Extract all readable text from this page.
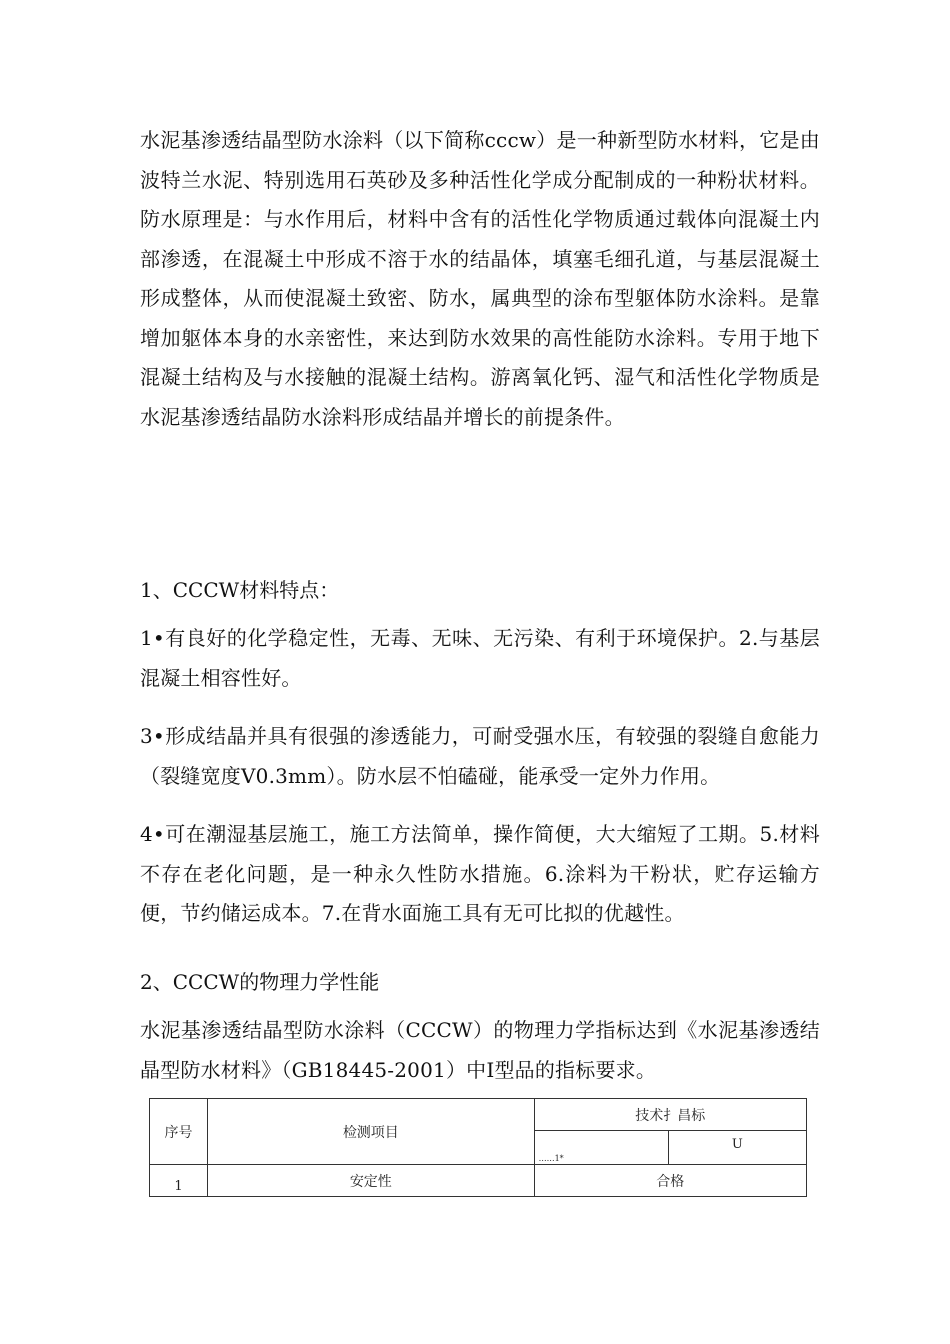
水泥基渗透结晶型防水涂料（以下简称cccw）是一种新型防水材料，它是由波特兰水泥、特别选用石英砂及多种活性化学成分配制成的一种粉状材料。防水原理是：与水作用后，材料中含有的活性化学物质通过载体向混凝土内部渗透，在混凝土中形成不溶于水的结晶体，填塞毛细孔道，与基层混凝土形成整体，从而使混凝土致密、防水，属典型的涂布型躯体防水涂料。是靠增加躯体本身的水亲密性，来达到防水效果的高性能防水涂料。专用于地下混凝土结构及与水接触的混凝土结构。游离氧化钙、湿气和活性化学物质是水泥基渗透结晶防水涂料形成结晶并增长的前提条件。

1、CCCW材料特点：

1•有良好的化学稳定性，无毒、无味、无污染、有利于环境保护。2.与基层混凝土相容性好。

3•形成结晶并具有很强的渗透能力，可耐受强水压，有较强的裂缝自愈能力（裂缝宽度V0.3mm）。防水层不怕磕碰，能承受一定外力作用。

4•可在潮湿基层施工，施工方法简单，操作简便，大大缩短了工期。5.材料不存在老化问题，是一种永久性防水措施。6.涂料为干粉状，贮存运输方便，节约储运成本。7.在背水面施工具有无可比拟的优越性。

2、CCCW的物理力学性能

水泥基渗透结晶型防水涂料（CCCW）的物理力学指标达到《水泥基渗透结晶型防水材料》（GB18445-2001）中I型品的指标要求。

序号	检测项目	技术扌昌标	

		……1*	U
1	安定性	合格	
